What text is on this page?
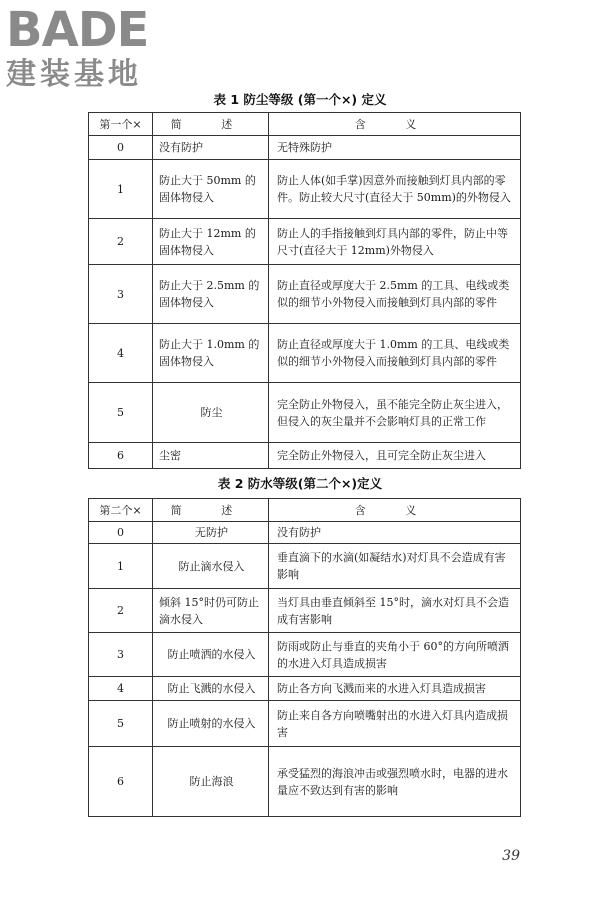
BADE
建装基地
表 1 防尘等级 (第一个×) 定义
第一个×	简 述	含 义
0	没有防护	无特殊防护
1	防止大于 50mm 的固体物侵入	防止人体(如手掌)因意外而接触到灯具内部的零件。防止较大尺寸(直径大于 50mm)的外物侵入
2	防止大于 12mm 的固体物侵入	防止人的手指接触到灯具内部的零件，防止中等尺寸(直径大于 12mm)外物侵入
3	防止大于 2.5mm 的固体物侵入	防止直径或厚度大于 2.5mm 的工具、电线或类似的细节小外物侵入而接触到灯具内部的零件
4	防止大于 1.0mm 的固体物侵入	防止直径或厚度大于 1.0mm 的工具、电线或类似的细节小外物侵入而接触到灯具内部的零件
5	防尘	完全防止外物侵入，虽不能完全防止灰尘进入，但侵入的灰尘量并不会影响灯具的正常工作
6	尘密	完全防止外物侵入，且可完全防止灰尘进入
表 2 防水等级(第二个×)定义
第二个×	简 述	含 义
0	无防护	没有防护
1	防止滴水侵入	垂直滴下的水滴(如凝结水)对灯具不会造成有害影响
2	倾斜 15°时仍可防止滴水侵入	当灯具由垂直倾斜至 15°时，滴水对灯具不会造成有害影响
3	防止喷洒的水侵入	防雨或防止与垂直的夹角小于 60°的方向所喷洒的水进入灯具造成损害
4	防止飞溅的水侵入	防止各方向飞溅而来的水进入灯具造成损害
5	防止喷射的水侵入	防止来自各方向喷嘴射出的水进入灯具内造成损害
6	防止海浪	承受猛烈的海浪冲击或强烈喷水时，电器的进水量应不致达到有害的影响
39
